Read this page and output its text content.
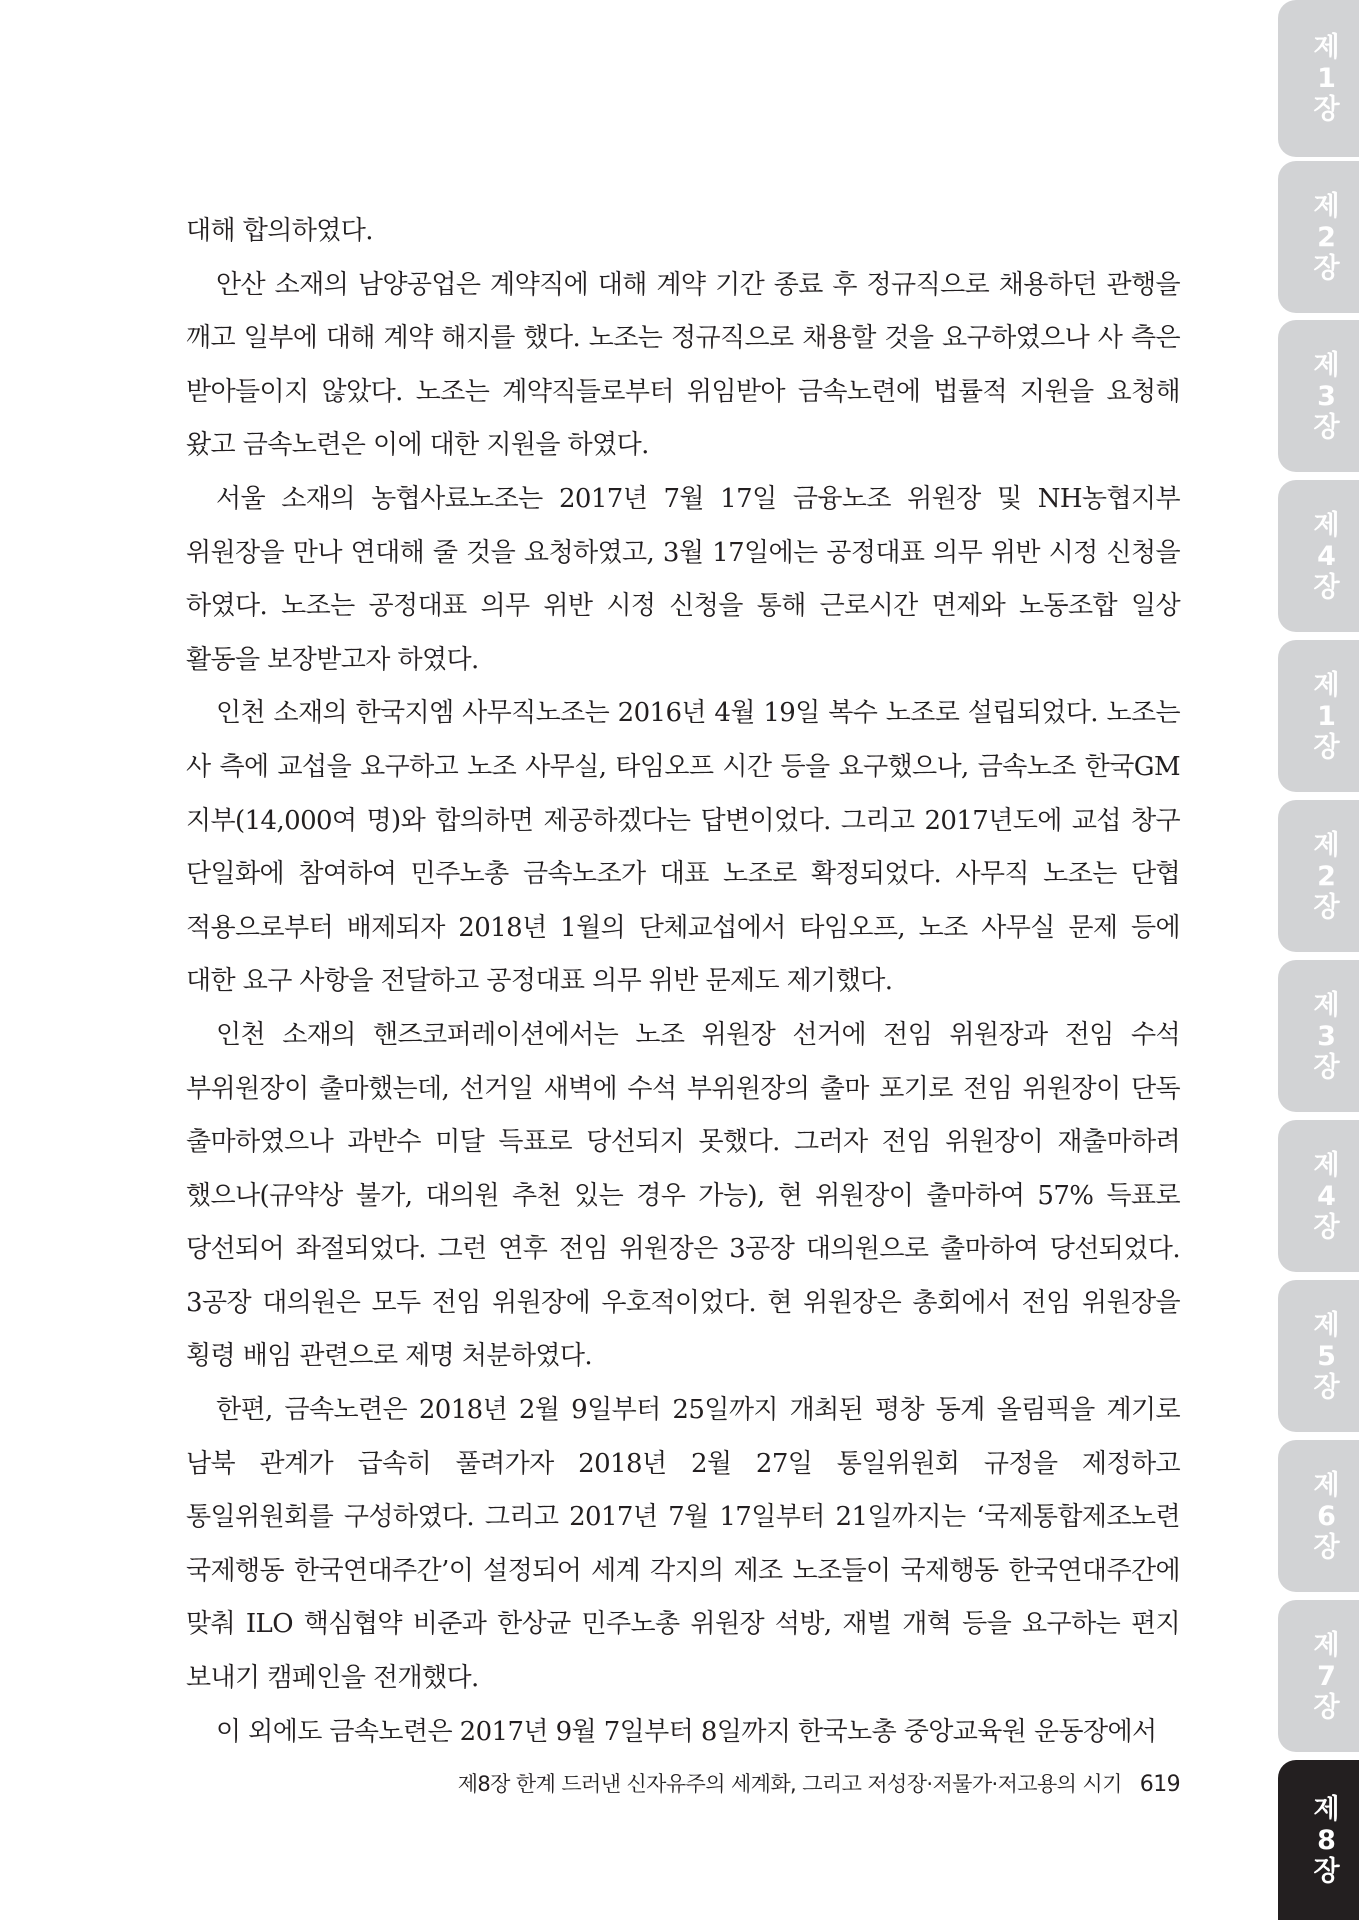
대해 합의하였다.

안산 소재의 남양공업은 계약직에 대해 계약 기간 종료 후 정규직으로 채용하던 관행을 깨고 일부에 대해 계약 해지를 했다. 노조는 정규직으로 채용할 것을 요구하였으나 사 측은 받아들이지 않았다. 노조는 계약직들로부터 위임받아 금속노련에 법률적 지원을 요청해 왔고 금속노련은 이에 대한 지원을 하였다.

서울 소재의 농협사료노조는 2017년 7월 17일 금융노조 위원장 및 NH농협지부 위원장을 만나 연대해 줄 것을 요청하였고, 3월 17일에는 공정대표 의무 위반 시정 신청을 하였다. 노조는 공정대표 의무 위반 시정 신청을 통해 근로시간 면제와 노동조합 일상 활동을 보장받고자 하였다.

인천 소재의 한국지엠 사무직노조는 2016년 4월 19일 복수 노조로 설립되었다. 노조는 사 측에 교섭을 요구하고 노조 사무실, 타임오프 시간 등을 요구했으나, 금속노조 한국GM 지부(14,000여 명)와 합의하면 제공하겠다는 답변이었다. 그리고 2017년도에 교섭 창구 단일화에 참여하여 민주노총 금속노조가 대표 노조로 확정되었다. 사무직 노조는 단협 적용으로부터 배제되자 2018년 1월의 단체교섭에서 타임오프, 노조 사무실 문제 등에 대한 요구 사항을 전달하고 공정대표 의무 위반 문제도 제기했다.

인천 소재의 핸즈코퍼레이션에서는 노조 위원장 선거에 전임 위원장과 전임 수석 부위원장이 출마했는데, 선거일 새벽에 수석 부위원장의 출마 포기로 전임 위원장이 단독 출마하였으나 과반수 미달 득표로 당선되지 못했다. 그러자 전임 위원장이 재출마하려 했으나(규약상 불가, 대의원 추천 있는 경우 가능), 현 위원장이 출마하여 57% 득표로 당선되어 좌절되었다. 그런 연후 전임 위원장은 3공장 대의원으로 출마하여 당선되었다. 3공장 대의원은 모두 전임 위원장에 우호적이었다. 현 위원장은 총회에서 전임 위원장을 횡령 배임 관련으로 제명 처분하였다.

한편, 금속노련은 2018년 2월 9일부터 25일까지 개최된 평창 동계 올림픽을 계기로 남북 관계가 급속히 풀려가자 2018년 2월 27일 통일위원회 규정을 제정하고 통일위원회를 구성하였다. 그리고 2017년 7월 17일부터 21일까지는 ‘국제통합제조노련 국제행동 한국연대주간’이 설정되어 세계 각지의 제조 노조들이 국제행동 한국연대주간에 맞춰 ILO 핵심협약 비준과 한상균 민주노총 위원장 석방, 재벌 개혁 등을 요구하는 편지 보내기 캠페인을 전개했다.

이 외에도 금속노련은 2017년 9월 7일부터 8일까지 한국노총 중앙교육원 운동장에서

제8장 한계 드러낸 신자유주의 세계화, 그리고 저성장·저물가·저고용의 시기 619
제
1
장
제
2
장
제
3
장
제
4
장
제
1
장
제
2
장
제
3
장
제
4
장
제
5
장
제
6
장
제
7
장
제
8
장
